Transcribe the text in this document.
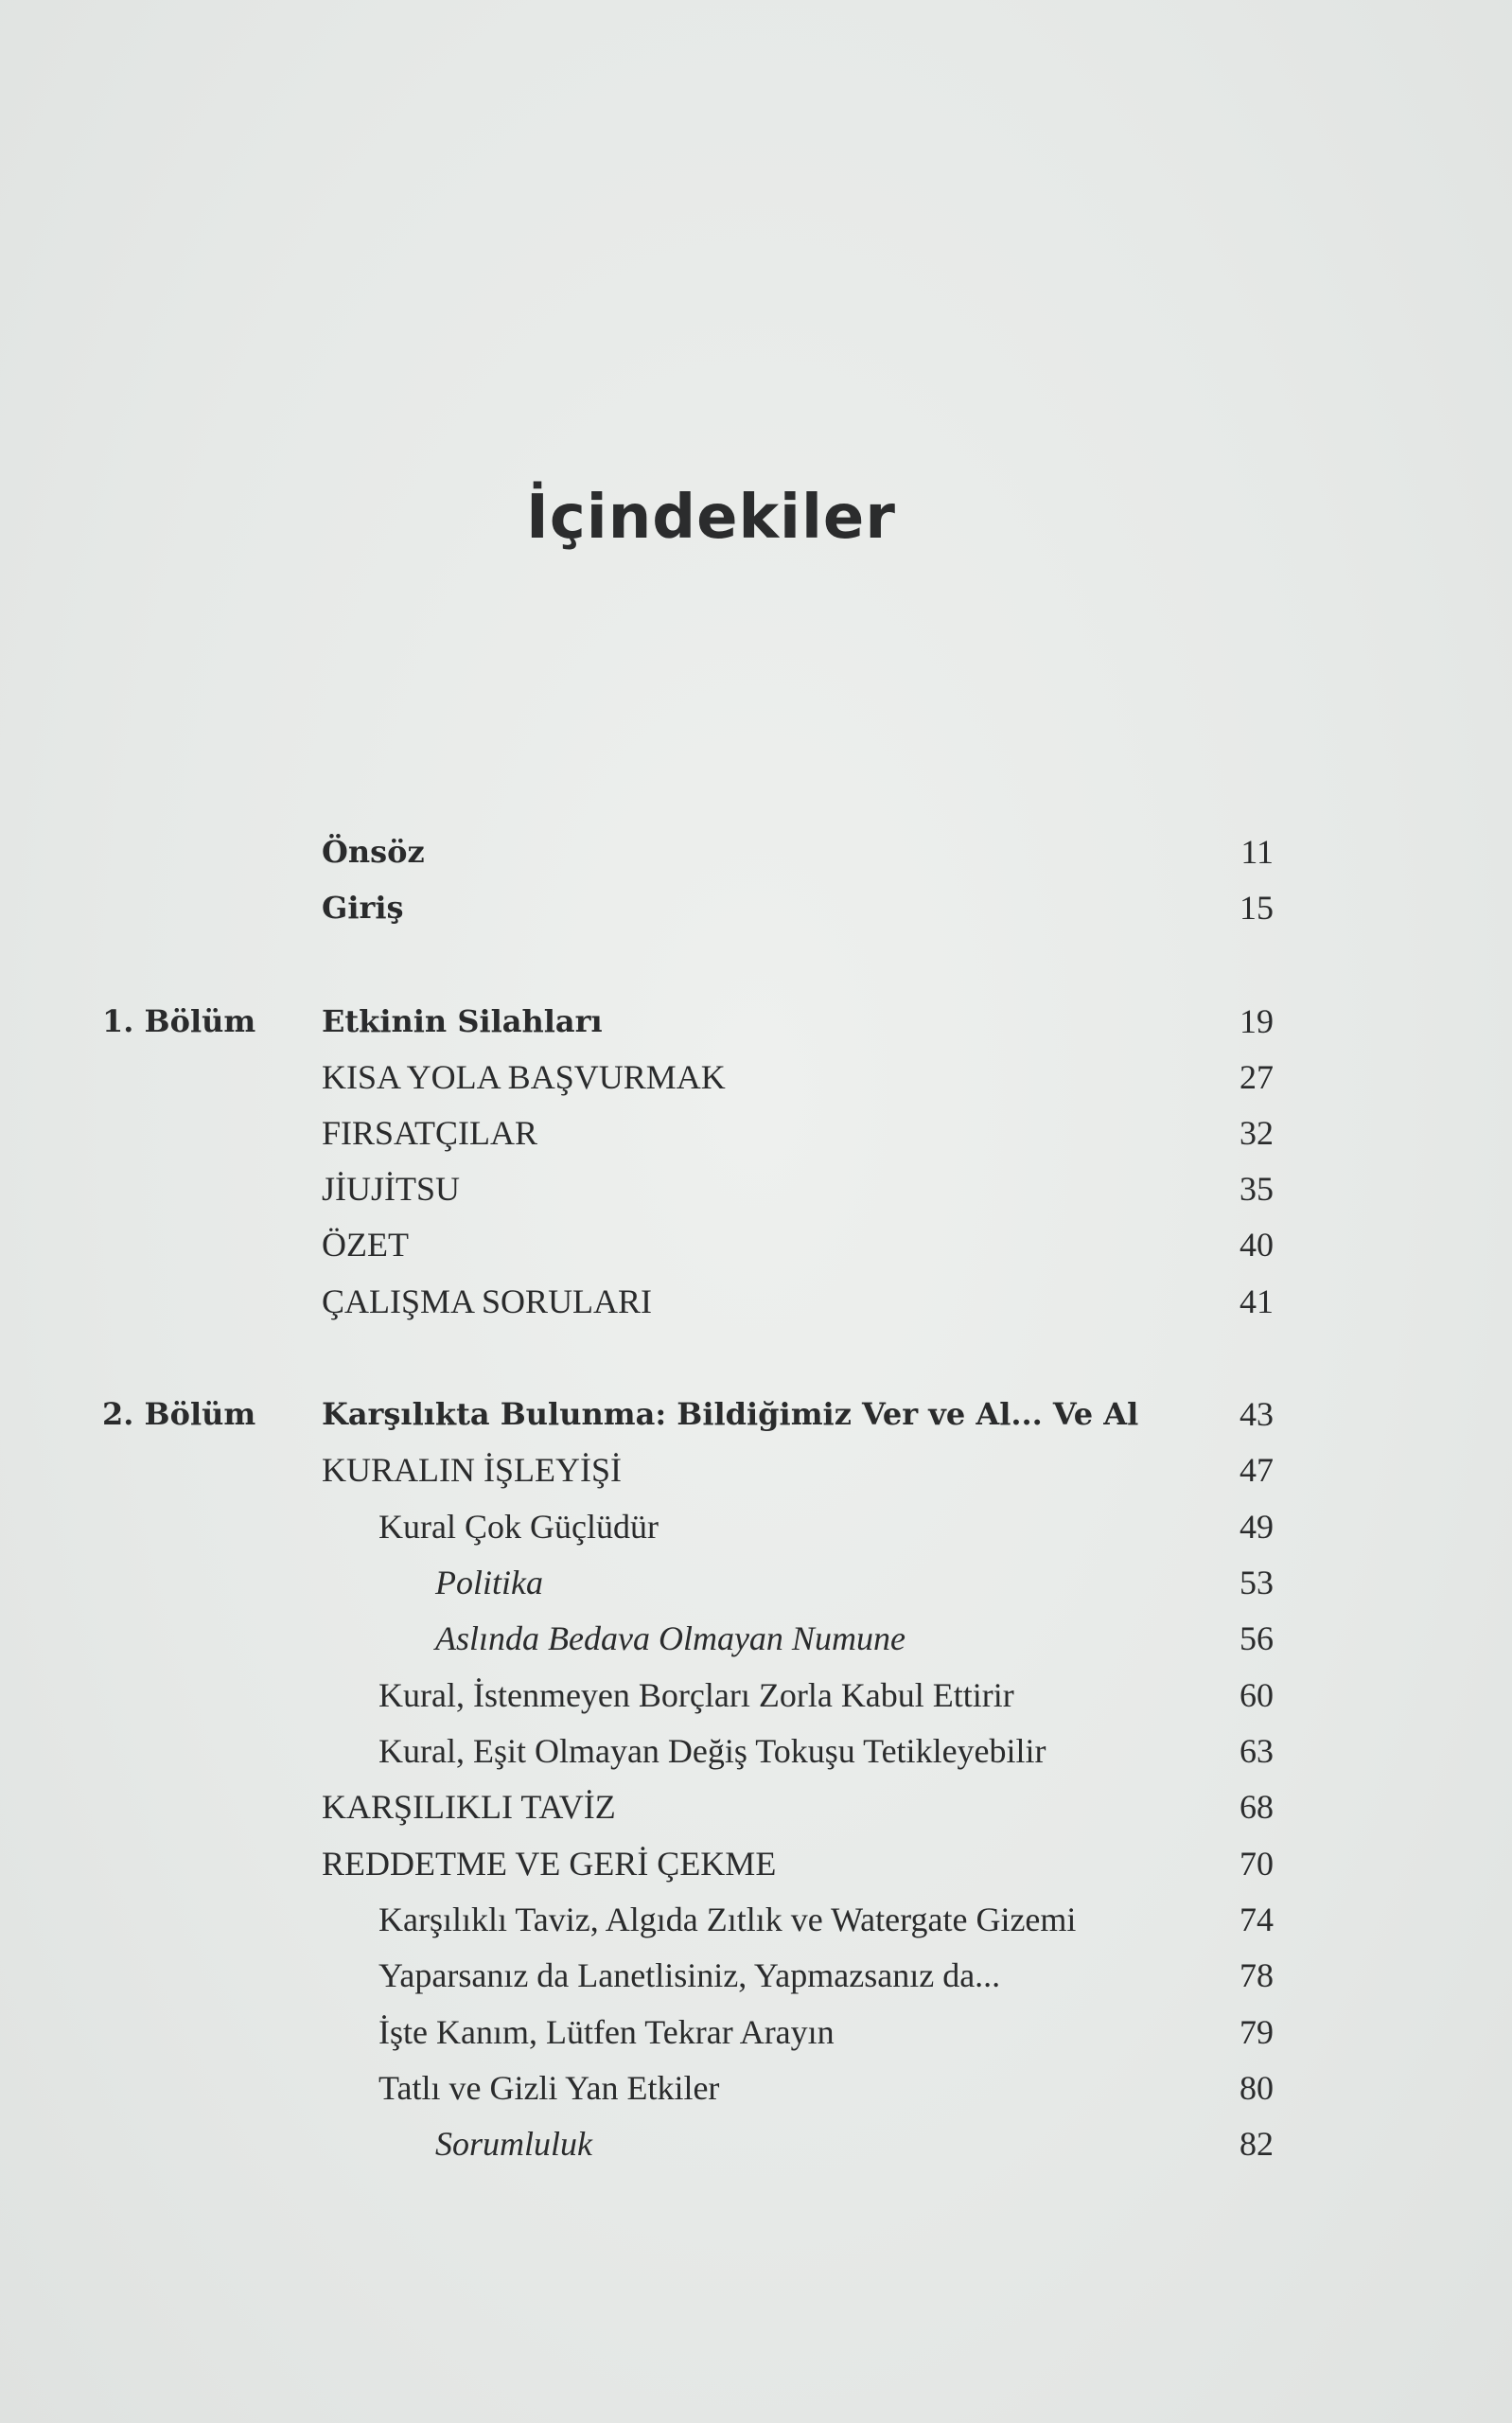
İçindekiler
Önsöz	11
Giriş	15
1. Bölüm Etkinin Silahları	19
KISA YOLA BAŞVURMAK	27
FIRSATÇILAR	32
JİUJİTSU	35
ÖZET	40
ÇALIŞMA SORULARI	41
2. Bölüm Karşılıkta Bulunma: Bildiğimiz Ver ve Al... Ve Al	43
KURALIN İŞLEYİŞİ	47
Kural Çok Güçlüdür	49
Politika	53
Aslında Bedava Olmayan Numune	56
Kural, İstenmeyen Borçları Zorla Kabul Ettirir	60
Kural, Eşit Olmayan Değiş Tokuşu Tetikleyebilir	63
KARŞILIKLI TAVİZ	68
REDDETME VE GERİ ÇEKME	70
Karşılıklı Taviz, Algıda Zıtlık ve Watergate Gizemi	74
Yaparsanız da Lanetlisiniz, Yapmazsanız da...	78
İşte Kanım, Lütfen Tekrar Arayın	79
Tatlı ve Gizli Yan Etkiler	80
Sorumluluk	82
